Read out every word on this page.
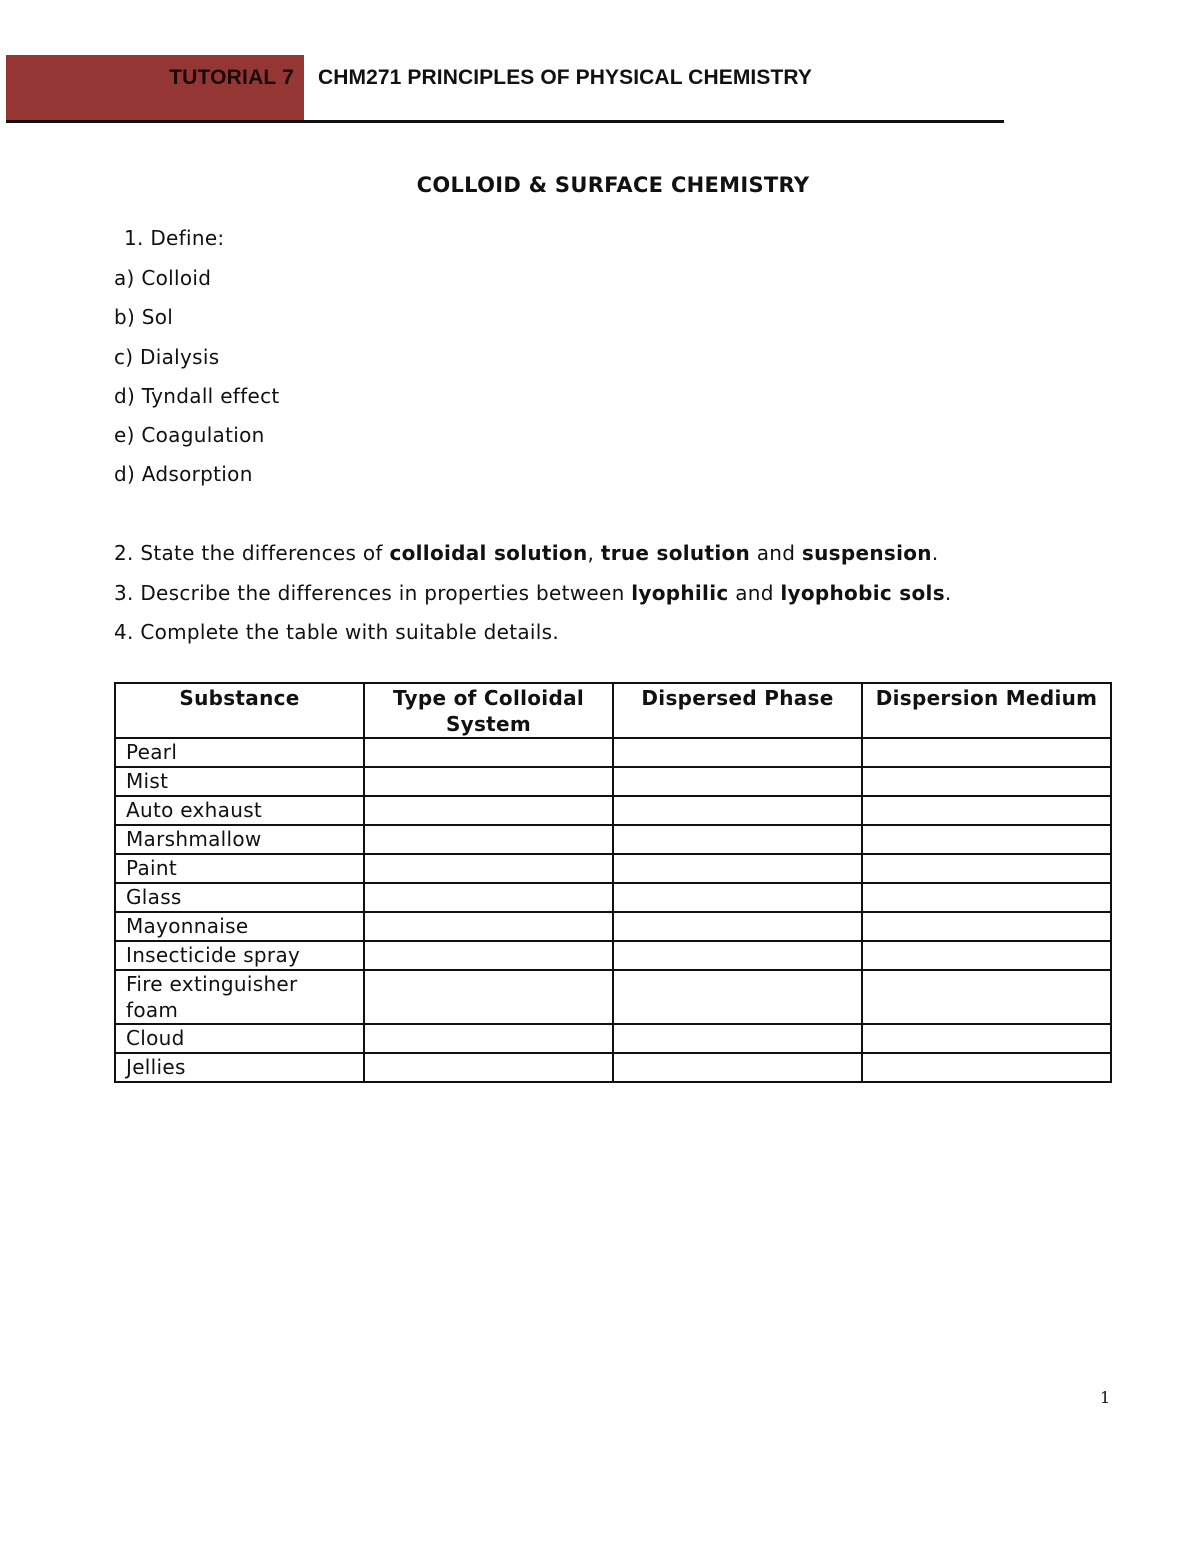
TUTORIAL 7 CHM271 PRINCIPLES OF PHYSICAL CHEMISTRY
COLLOID & SURFACE CHEMISTRY
1. Define:
a) Colloid
b) Sol
c) Dialysis
d) Tyndall effect
e) Coagulation
d) Adsorption
2. State the differences of colloidal solution, true solution and suspension.
3. Describe the differences in properties between lyophilic and lyophobic sols.
4. Complete the table with suitable details.
Substance	Type of Colloidal System	Dispersed Phase	Dispersion Medium
Pearl			
Mist			
Auto exhaust			
Marshmallow			
Paint			
Glass			
Mayonnaise			
Insecticide spray			
Fire extinguisher foam			
Cloud			
Jellies			
1
